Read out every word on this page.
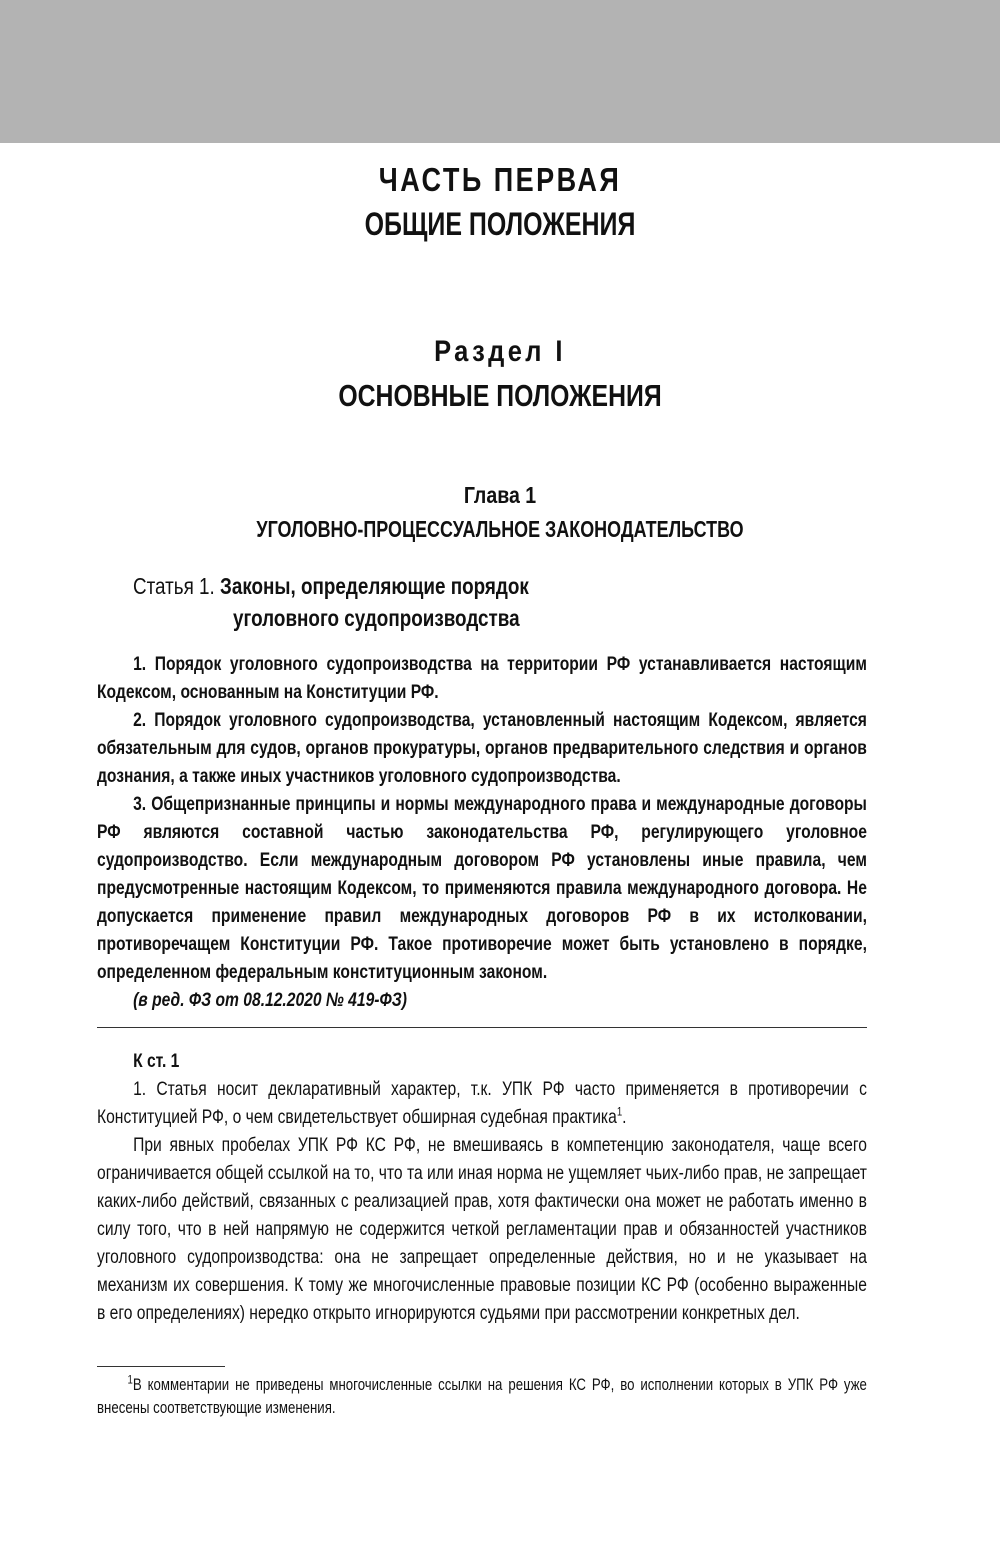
ЧАСТЬ ПЕРВАЯ
ОБЩИЕ ПОЛОЖЕНИЯ
Раздел I
ОСНОВНЫЕ ПОЛОЖЕНИЯ
Глава 1
УГОЛОВНО-ПРОЦЕССУАЛЬНОЕ ЗАКОНОДАТЕЛЬСТВО
Статья 1. Законы, определяющие порядок
уголовного судопроизводства

1. Порядок уголовного судопроизводства на территории РФ устанавливается настоящим Кодексом, основанным на Конституции РФ.

2. Порядок уголовного судопроизводства, установленный настоящим Кодексом, является обязательным для судов, органов прокуратуры, органов предварительного следствия и органов дознания, а также иных участников уголовного судопроизводства.

3. Общепризнанные принципы и нормы международного права и международные договоры РФ являются составной частью законодательства РФ, регулирующего уголовное судопроизводство. Если международным договором РФ установлены иные правила, чем предусмотренные настоящим Кодексом, то применяются правила международного договора. Не допускается применение правил международных договоров РФ в их истолковании, противоречащем Конституции РФ. Такое противоречие может быть установлено в порядке, определенном федеральным конституционным законом.

(в ред. ФЗ от 08.12.2020 № 419-ФЗ)

К ст. 1

1. Статья носит декларативный характер, т.к. УПК РФ часто применяется в противоречии с Конституцией РФ, о чем свидетельствует обширная судебная практика$^1$.

При явных пробелах УПК РФ КС РФ, не вмешиваясь в компетенцию законодателя, чаще всего ограничивается общей ссылкой на то, что та или иная норма не ущемляет чьих-либо прав, не запрещает каких-либо действий, связанных с реализацией прав, хотя фактически она может не работать именно в силу того, что в ней напрямую не содержится четкой регламентации прав и обязанностей участников уголовного судопроизводства: она не запрещает определенные действия, но и не указывает на механизм их совершения. К тому же многочисленные правовые позиции КС РФ (особенно выраженные в его определениях) нередко открыто игнорируются судьями при рассмотрении конкретных дел.

$^1$В комментарии не приведены многочисленные ссылки на решения КС РФ, во исполнении которых в УПК РФ уже внесены соответствующие изменения.
